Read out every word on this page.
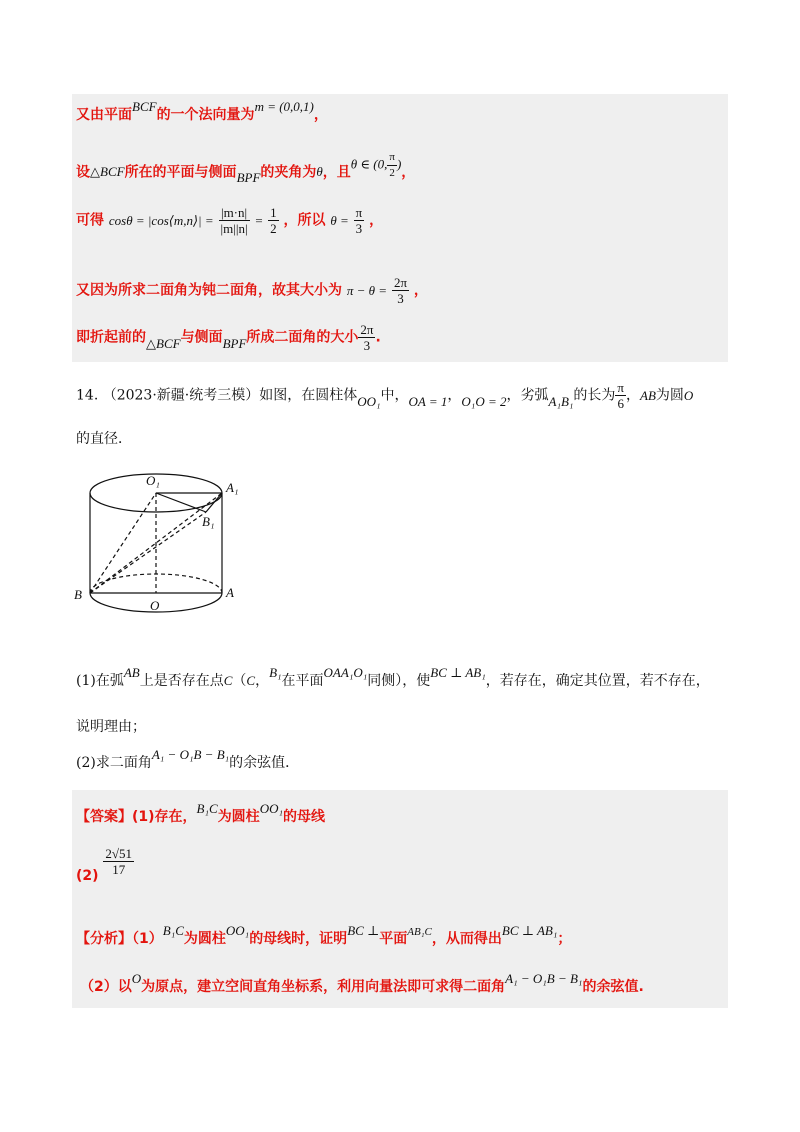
又由平面BCF的一个法向量为m = (0,0,1)，
设△BCF所在的平面与侧面BPF的夹角为θ，且θ ∈ (0, $\frac{\pi}{2}$ )，
可得 cosθ = |cos⟨m,n⟩| = $\frac{|m\cdot n|}{|m||n|} = \frac{1}{2}$ ，所以 $\theta = \frac{\pi}{3}$ ，
又因为所求二面角为钝二面角，故其大小为 $\pi - \theta = \frac{2\pi}{3}$ ，
即折起前的△BCF与侧面BPF所成二面角的大小 $\frac{2\pi}{3}$ .
14. （2023·新疆·统考三模）如图，在圆柱体OO₁中，OA = 1，O₁O = 2，劣弧A₁B₁的长为 $\frac{\pi}{6}$ ，AB为圆O
的直径．
O₁	A₁
B₁
B
O
A
(1)在弧AB上是否存在点C（C，B₁在平面OAA₁O₁同侧），使BC ⊥ AB₁，若存在，确定其位置，若不存在，
说明理由；
(2)求二面角A₁ − O₁B − B₁的余弦值．
【答案】(1)存在，B₁C为圆柱OO₁的母线
$(2) \frac{2√51}{17}$
【分析】（1）B₁C为圆柱OO₁的母线时，证明BC ⊥平面AB₁C，从而得出BC ⊥ AB₁；
（2）以O为原点，建立空间直角坐标系，利用向量法即可求得二面角A₁ − O₁B − B₁的余弦值.
